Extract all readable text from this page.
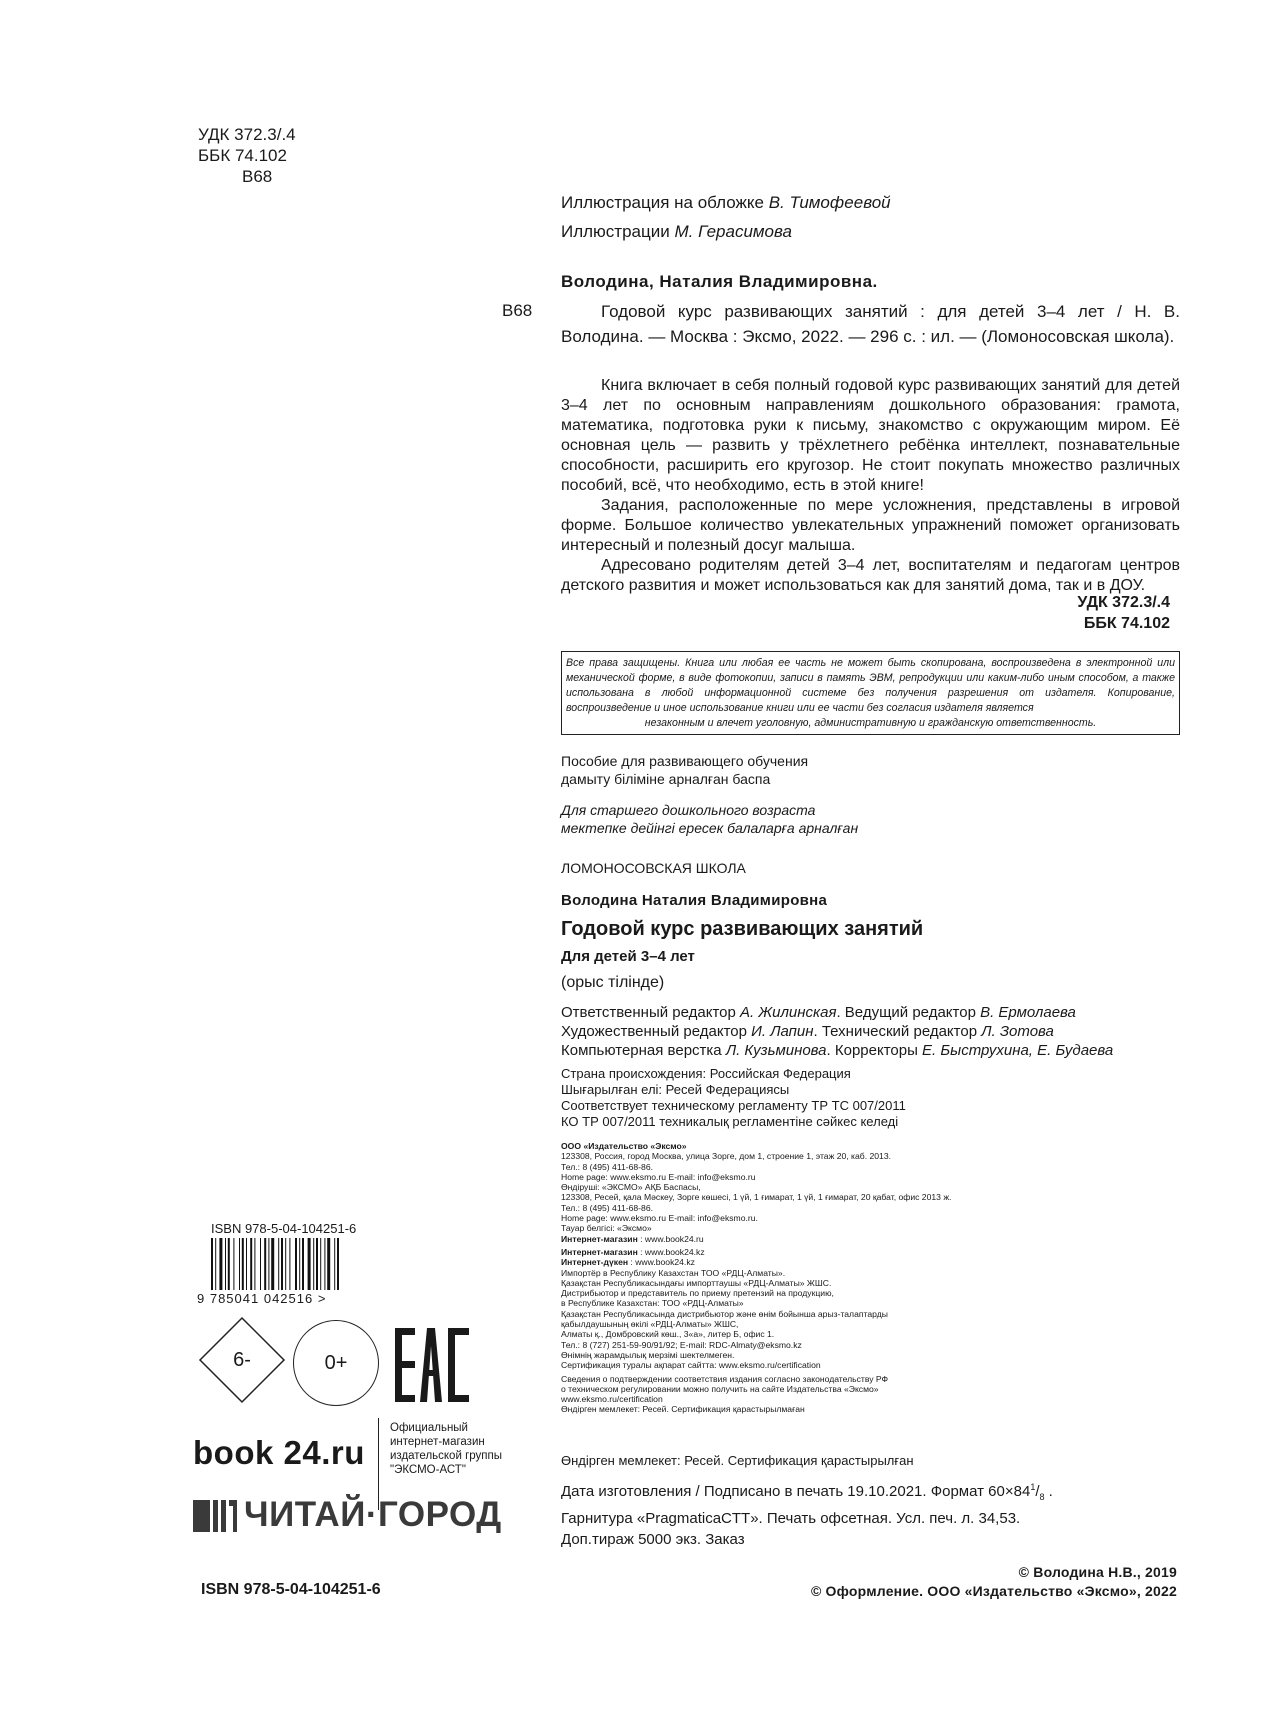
УДК 372.3/.4
ББК 74.102
В68
Иллюстрация на обложке В. Тимофеевой
Иллюстрации М. Герасимова
Володина, Наталия Владимировна.
В68	Годовой курс развивающих занятий : для детей 3–4 лет / Н. В. Володина. — Москва : Эксмо, 2022. — 296 с. : ил. — (Ломоносовская школа).

Книга включает в себя полный годовой курс развивающих занятий для детей 3–4 лет по основным направлениям дошкольного образования: грамота, математика, подготовка руки к письму, знакомство с окружающим миром. Её основная цель — развить у трёхлетнего ребёнка интеллект, познавательные способности, расширить его кругозор. Не стоит покупать множество различных пособий, всё, что необходимо, есть в этой книге!

Задания, расположенные по мере усложнения, представлены в игровой форме. Большое количество увлекательных упражнений поможет организовать интересный и полезный досуг малыша.

Адресовано родителям детей 3–4 лет, воспитателям и педагогам центров детского развития и может использоваться как для занятий дома, так и в ДОУ.

УДК 372.3/.4
ББК 74.102
Все права защищены. Книга или любая ее часть не может быть скопирована, воспроизведена в электронной или механической форме, в виде фотокопии, записи в память ЭВМ, репродукции или каким-либо иным способом, а также использована в любой информационной системе без получения разрешения от издателя. Копирование, воспроизведение и иное использование книги или ее части без согласия издателя является
незаконным и влечет уголовную, административную и гражданскую ответственность.
Пособие для развивающего обучения
дамыту біліміне арналған баспа
Для старшего дошкольного возраста
мектепке дейінгі ересек балаларға арналған
ЛОМОНОСОВСКАЯ ШКОЛА
Володина Наталия Владимировна
Годовой курс развивающих занятий
Для детей 3–4 лет
(орыс тілінде)
Ответственный редактор А. Жилинская. Ведущий редактор В. Ермолаева
Художественный редактор И. Лапин. Технический редактор Л. Зотова
Компьютерная верстка Л. Кузьминова. Корректоры Е. Быструхина, Е. Будаева
Страна происхождения: Российская Федерация
Шығарылған елі: Ресей Федерациясы
Соответствует техническому регламенту ТР ТС 007/2011
КО ТР 007/2011 техникалық регламентіне сәйкес келеді
ООО «Издательство «Эксмо»
123308, Россия, город Москва, улица Зорге, дом 1, строение 1, этаж 20, каб. 2013.
Тел.: 8 (495) 411-68-86.
Home page: www.eksmo.ru E-mail: info@eksmo.ru
Өндіруші: «ЭКСМО» АҚБ Баспасы,
123308, Ресей, қала Мәскеу, Зорге көшесі, 1 үй, 1 ғимарат, 1 үй, 1 ғимарат, 20 қабат, офис 2013 ж.
Тел.: 8 (495) 411-68-86.
Home page: www.eksmo.ru E-mail: info@eksmo.ru.
Тауар белгісі: «Эксмо»
Интернет-магазин : www.book24.ru
Интернет-магазин : www.book24.kz
Интернет-дүкен : www.book24.kz
Импортёр в Республику Казахстан ТОО «РДЦ-Алматы».
Қазақстан Республикасындағы импорттаушы «РДЦ-Алматы» ЖШС.
Дистрибьютор и представитель по приему претензий на продукцию,
в Республике Казахстан: ТОО «РДЦ-Алматы»
Қазақстан Республикасында дистрибьютор және өнім бойынша арыз-талаптарды
қабылдаушының өкілі «РДЦ-Алматы» ЖШС,
Алматы қ., Домбровский көш., 3«а», литер Б, офис 1.
Тел.: 8 (727) 251-59-90/91/92; E-mail: RDC-Almaty@eksmo.kz
Өнімнің жарамдылық мерзімі шектелмеген.
Сертификация туралы ақпарат сайтта: www.eksmo.ru/certification
Сведения о подтверждении соответствия издания согласно законодательству РФ
о техническом регулировании можно получить на сайте Издательства «Эксмо»
www.eksmo.ru/certification
Өндірген мемлекет: Ресей. Сертификация қарастырылмаған
Өндірген мемлекет: Ресей. Сертификация қарастырылған
Дата изготовления / Подписано в печать 19.10.2021. Формат $60\times 84^1/_8$ .
Гарнитура «PragmaticaCTT». Печать офсетная. Усл. печ. л. 34,53.
Доп.тираж 5000 экз. Заказ
ISBN 978-5-04-104251-6
9 785041 042516 >
6-	0+
book 24.ru
Официальный
интернет-магазин
издательской группы
"ЭКСМО-АСТ"
ЧИТАЙ·ГОРОД
ISBN 978-5-04-104251-6
© Володина Н.В., 2019
© Оформление. ООО «Издательство «Эксмо», 2022
